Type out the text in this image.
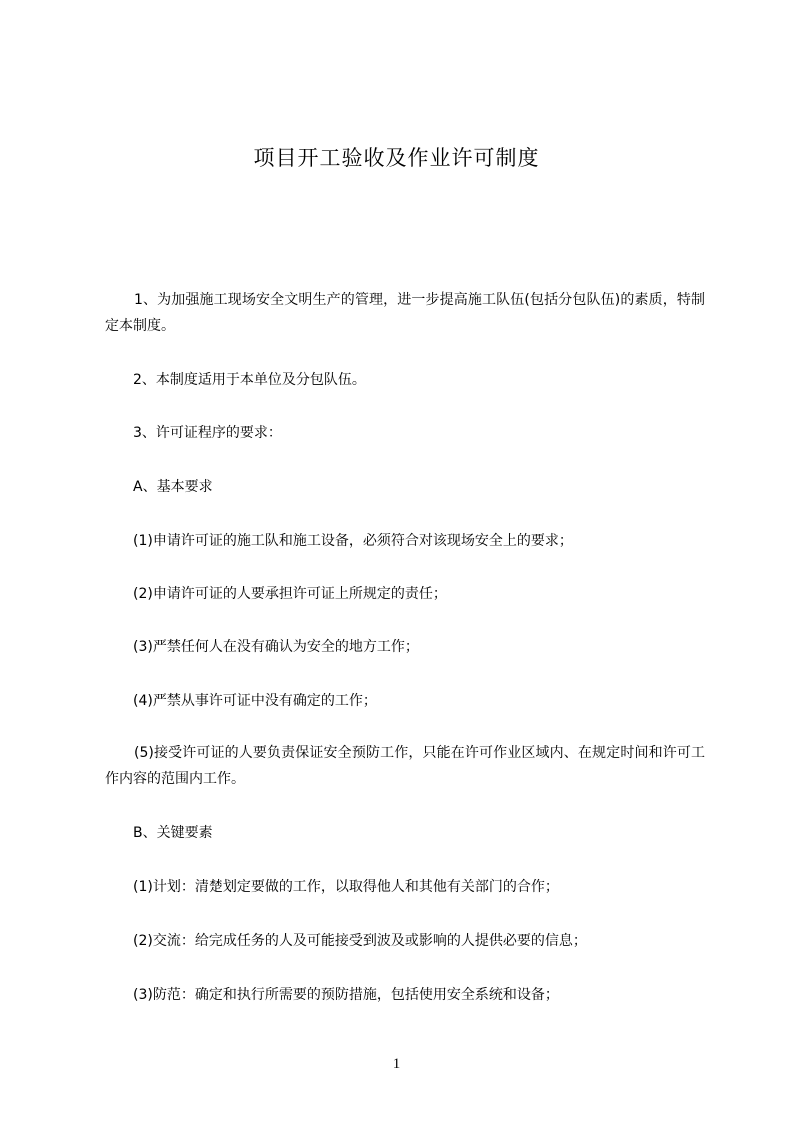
项目开工验收及作业许可制度

1、为加强施工现场安全文明生产的管理，进一步提高施工队伍(包括分包队伍)的素质，特制定本制度。

2、本制度适用于本单位及分包队伍。

3、许可证程序的要求：

A、基本要求

(1)申请许可证的施工队和施工设备，必须符合对该现场安全上的要求；

(2)申请许可证的人要承担许可证上所规定的责任；

(3)严禁任何人在没有确认为安全的地方工作；

(4)严禁从事许可证中没有确定的工作；

(5)接受许可证的人要负责保证安全预防工作，只能在许可作业区域内、在规定时间和许可工作内容的范围内工作。

B、关键要素

(1)计划：清楚划定要做的工作，以取得他人和其他有关部门的合作；

(2)交流：给完成任务的人及可能接受到波及或影响的人提供必要的信息；

(3)防范：确定和执行所需要的预防措施，包括使用安全系统和设备；

1
